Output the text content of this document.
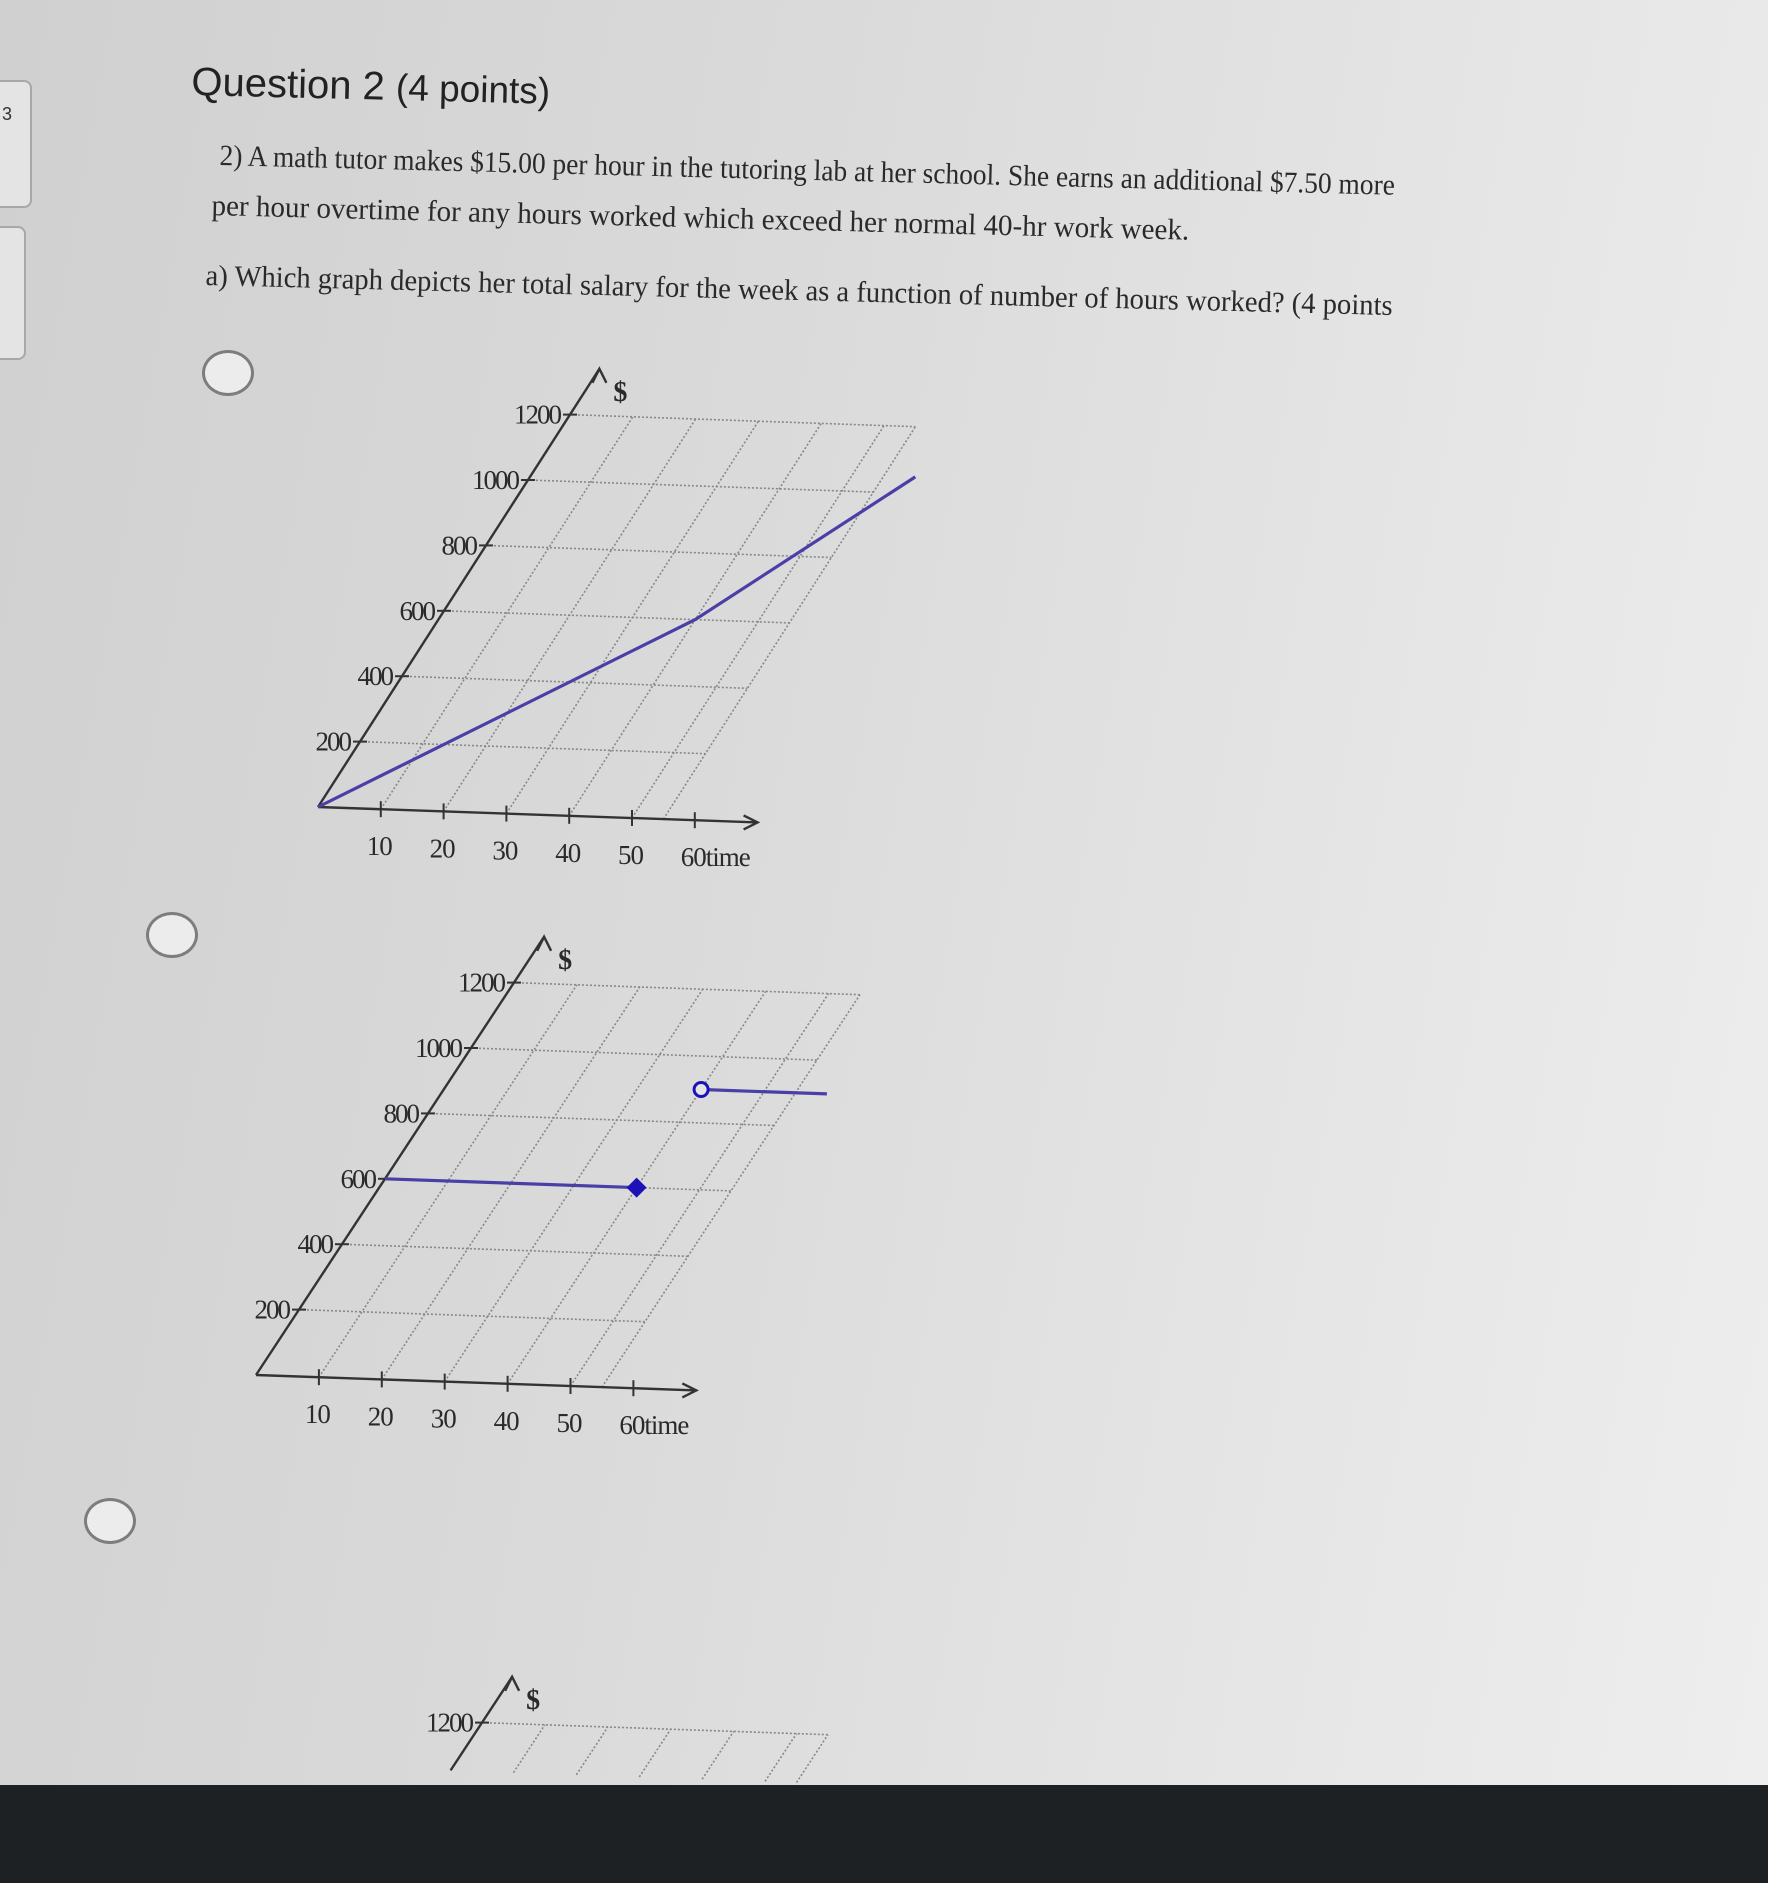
3
Question 2 (4 points)

2) A math tutor makes $15.00 per hour in the tutoring lab at her school. She earns an additional $7.50 more

per hour overtime for any hours worked which exceed her normal 40-hr work week.

a) Which graph depicts her total salary for the week as a function of number of hours worked? (4 points

$
1200
1000
800
600
400
200
10 20 30 40 50 60time
$
1200
1000
800
600
400
200
10 20 30 40 50 60time
$
1200
